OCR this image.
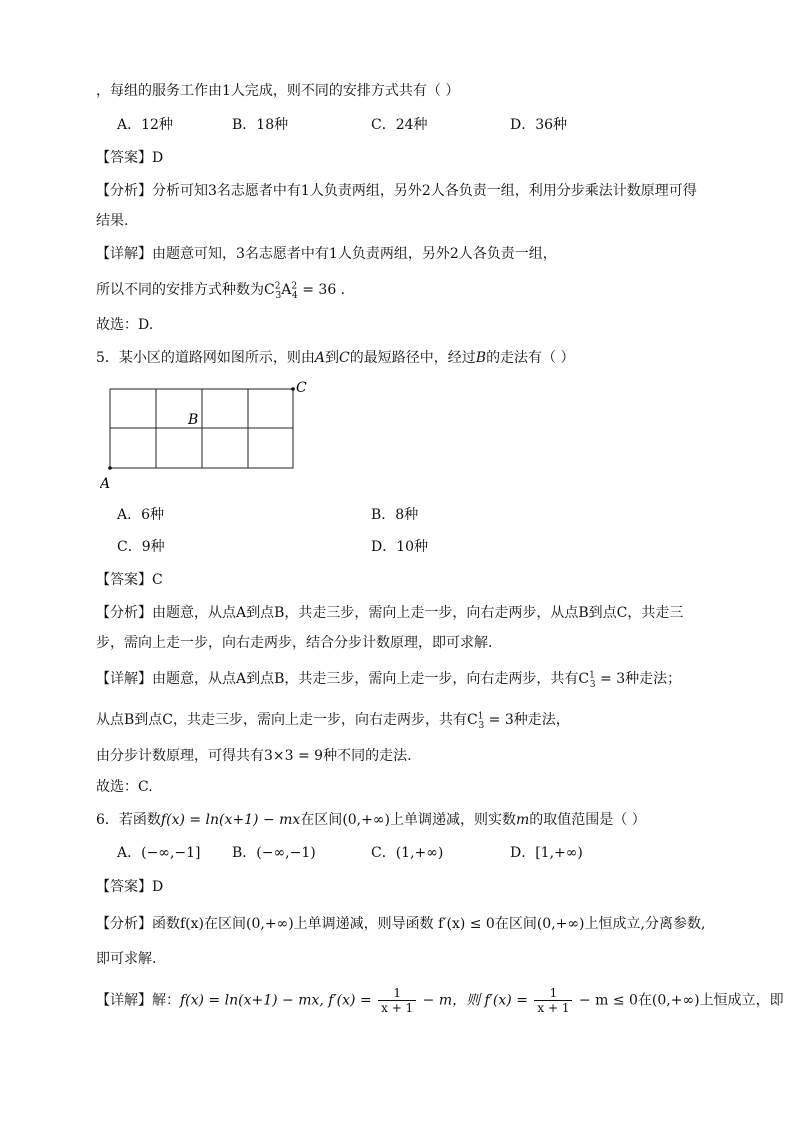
，每组的服务工作由1人完成，则不同的安排方式共有（ ）
A．12种	B．18种	C．24种	D．36种
【答案】D
【分析】分析可知3名志愿者中有1人负责两组，另外2人各负责一组，利用分步乘法计数原理可得
结果.
【详解】由题意可知，3名志愿者中有1人负责两组，另外2人各负责一组，
所以不同的安排方式种数为$C^2_3A^2_4 = 36$ .
故选：D.
5．某小区的道路网如图所示，则由A到C的最短路径中，经过B的走法有（ ）
A
B
C
A．6种	B．8种
C．9种	D．10种
【答案】C
【分析】由题意，从点A到点B，共走三步，需向上走一步，向右走两步，从点B到点C，共走三
步，需向上走一步，向右走两步，结合分步计数原理，即可求解.
【详解】由题意，从点A到点B，共走三步，需向上走一步，向右走两步，共有$C^1_3 = 3$种走法；
从点B到点C，共走三步，需向上走一步，向右走两步，共有$C^1_3 = 3$种走法，
由分步计数原理，可得共有3×3 = 9种不同的走法.
故选：C.
6．若函数f(x) = ln(x+1) − mx在区间(0,+∞)上单调递减，则实数m的取值范围是（ ）
A．(−∞,−1] B．(−∞,−1)	C．(1,+∞)	D．[1,+∞)
【答案】D
【分析】函数f(x)在区间(0,+∞)上单调递减，则导函数 f′(x) ≤ 0在区间(0,+∞)上恒成立,分离参数,
即可求解.
【详解】解：f(x) = ln(x+1) − mx, $f'(x) = \frac{1}{x + 1} - m$，则 $f'(x) = \frac{1}{x + 1} - m \le 0$在(0,+∞)上恒成立，即
